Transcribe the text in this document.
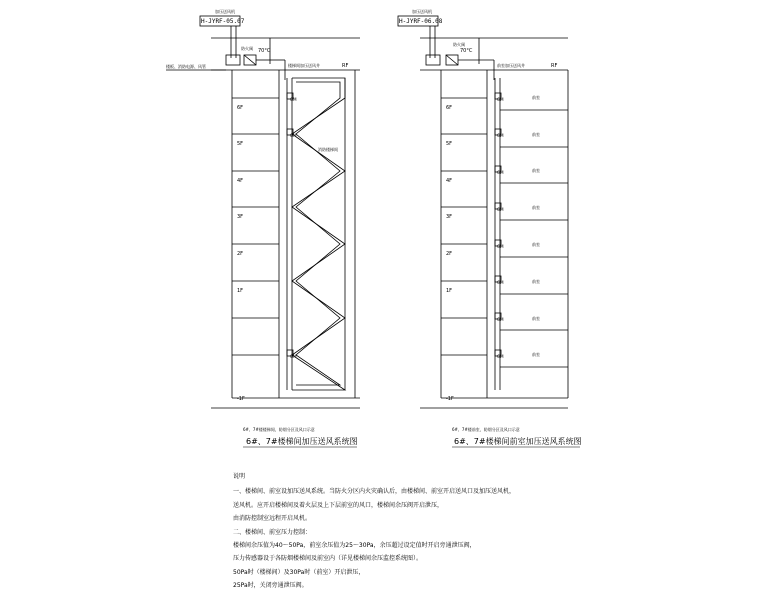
H-JYRF-05.07
加压送风机
防火阀 70°C
楼板、消防电源、风管	楼梯间加压送风井	RF
消防楼梯间
GM
GM
GM
6F
5F
4F
3F
2F
1F
-1F
6#、7#楼楼梯间，防烟分区及风口示意
6#、7#楼梯间加压送风系统图
H-JYRF-06.08
加压送风机
防火阀
70°C
前室加压送风井	RF
GM
GM
GM
GM
GM
GM
GM
GM
前室
前室
前室
前室
前室
前室
前室
前室
6F
5F
4F
3F
2F
1F
-1F
6#、7#楼前室，防烟分区及风口示意
6#、7#楼梯间前室加压送风系统图
说明
一、楼梯间、前室设加压送风系统。当防火分区内火灾确认后，由楼梯间、前室开启送风口及加压送风机，
送风机。应开启楼梯间及着火层及上下层前室的风口，楼梯间余压阀开启泄压，
由消防控制室远程开启风机。
二、楼梯间、前室压力控制：
楼梯间余压值为40～50Pa，前室余压值为25～30Pa，余压超过设定值时开启旁通泄压阀，
压力传感器设于各防烟楼梯间及前室内（详见楼梯间余压监控系统图）。
50Pa时（楼梯间）及30Pa时（前室）开启泄压，
25Pa时，关闭旁通泄压阀。
